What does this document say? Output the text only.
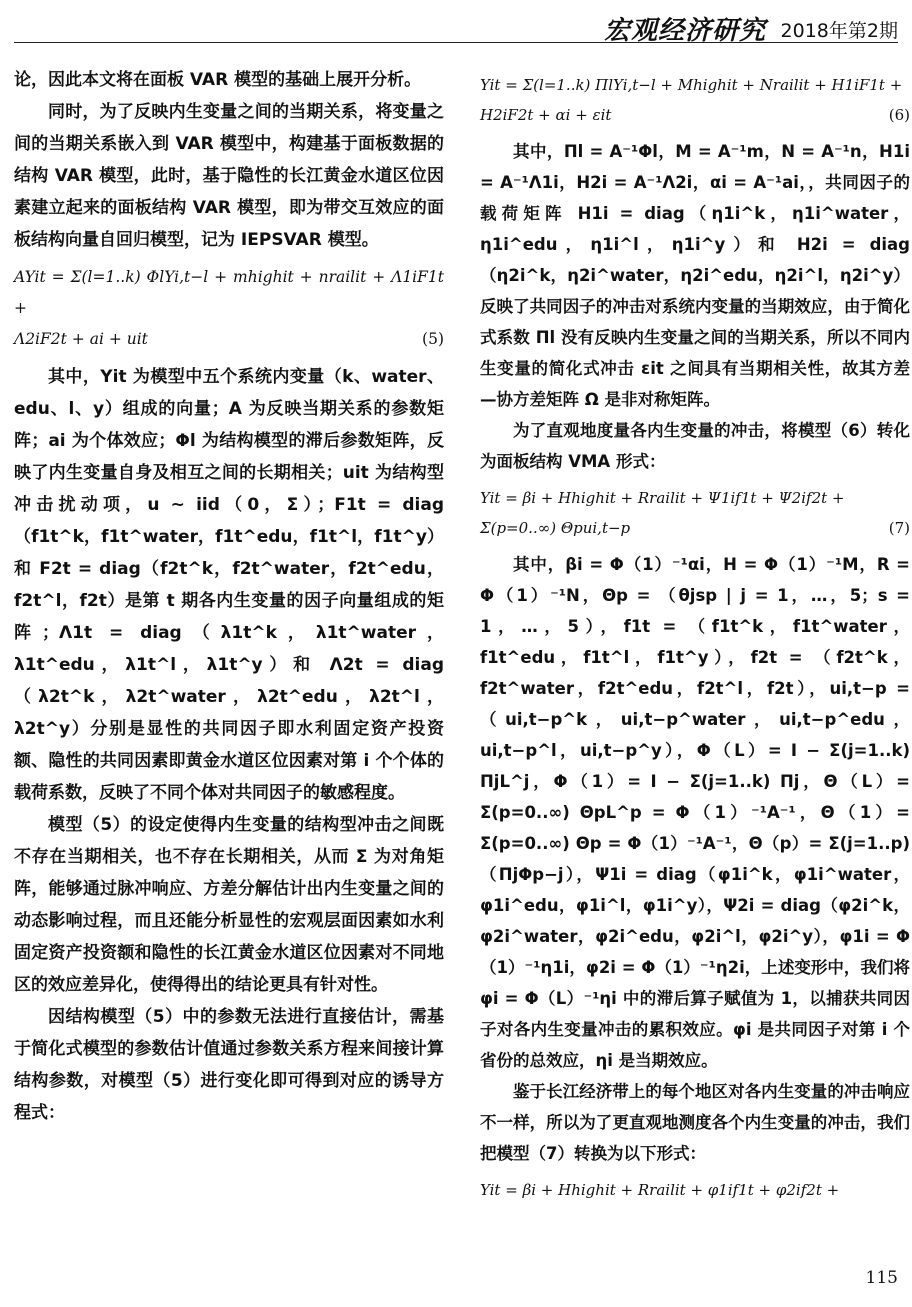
宏观经济研究 2018年第2期

论，因此本文将在面板 VAR 模型的基础上展开分析。

同时，为了反映内生变量之间的当期关系，将变量之间的当期关系嵌入到 VAR 模型中，构建基于面板数据的结构 VAR 模型，此时，基于隐性的长江黄金水道区位因素建立起来的面板结构 VAR 模型，即为带交互效应的面板结构向量自回归模型，记为 IEPSVAR 模型。

AYit = Σ(l=1..k) ΦlYi,t−l + mhighit + nrailit + Λ1iF1t +
Λ2iF2t + ai + uit	(5)

其中，Yit 为模型中五个系统内变量（k、water、edu、l、y）组成的向量；A 为反映当期关系的参数矩阵；ai 为个体效应；Φl 为结构模型的滞后参数矩阵，反映了内生变量自身及相互之间的长期相关；uit 为结构型冲击扰动项，u ~ iid（0，Σ）；F1t = diag（f1t^k，f1t^water，f1t^edu，f1t^l，f1t^y）和 F2t = diag（f2t^k，f2t^water，f2t^edu，f2t^l，f2t）是第 t 期各内生变量的因子向量组成的矩阵；Λ1t = diag（λ1t^k，λ1t^water，λ1t^edu，λ1t^l，λ1t^y）和 Λ2t = diag（λ2t^k，λ2t^water，λ2t^edu，λ2t^l，λ2t^y）分别是显性的共同因子即水利固定资产投资额、隐性的共同因素即黄金水道区位因素对第 i 个个体的载荷系数，反映了不同个体对共同因子的敏感程度。

模型（5）的设定使得内生变量的结构型冲击之间既不存在当期相关，也不存在长期相关，从而 Σ 为对角矩阵，能够通过脉冲响应、方差分解估计出内生变量之间的动态影响过程，而且还能分析显性的宏观层面因素如水利固定资产投资额和隐性的长江黄金水道区位因素对不同地区的效应差异化，使得得出的结论更具有针对性。

因结构模型（5）中的参数无法进行直接估计，需基于简化式模型的参数估计值通过参数关系方程来间接计算结构参数，对模型（5）进行变化即可得到对应的诱导方程式：

Yit = Σ(l=1..k) ΠlYi,t−l + Mhighit + Nrailit + H1iF1t +
H2iF2t + αi + εit	(6)

其中，Πl = A⁻¹Φl，M = A⁻¹m，N = A⁻¹n，H1i = A⁻¹Λ1i，H2i = A⁻¹Λ2i，αi = A⁻¹ai，，共同因子的载荷矩阵 H1i = diag（η1i^k，η1i^water，η1i^edu，η1i^l，η1i^y）和 H2i = diag（η2i^k，η2i^water，η2i^edu，η2i^l，η2i^y）反映了共同因子的冲击对系统内变量的当期效应，由于简化式系数 Πl 没有反映内生变量之间的当期关系，所以不同内生变量的简化式冲击 εit 之间具有当期相关性，故其方差—协方差矩阵 Ω 是非对称矩阵。

为了直观地度量各内生变量的冲击，将模型（6）转化为面板结构 VMA 形式：

Yit = βi + Hhighit + Rrailit + Ψ1if1t + Ψ2if2t +
Σ(p=0..∞) Θpui,t−p	(7)

其中，βi = Φ（1）⁻¹αi，H = Φ（1）⁻¹M，R = Φ（1）⁻¹N，Θp = （θjsp | j = 1，…，5；s = 1，…，5），f1t = （f1t^k，f1t^water，f1t^edu，f1t^l，f1t^y），f2t = （f2t^k，f2t^water，f2t^edu，f2t^l，f2t），ui,t−p = （ui,t−p^k，ui,t−p^water，ui,t−p^edu，ui,t−p^l，ui,t−p^y），Φ（L）= I − Σ(j=1..k) ΠjL^j，Φ（1）= I − Σ(j=1..k) Πj，Θ（L）= Σ(p=0..∞) ΘpL^p = Φ（1）⁻¹A⁻¹，Θ（1）= Σ(p=0..∞) Θp = Φ（1）⁻¹A⁻¹，Θ（p）= Σ(j=1..p)（ΠjΦp−j），Ψ1i = diag（φ1i^k，φ1i^water，φ1i^edu，φ1i^l，φ1i^y），Ψ2i = diag（φ2i^k，φ2i^water，φ2i^edu，φ2i^l，φ2i^y），φ1i = Φ（1）⁻¹η1i，φ2i = Φ（1）⁻¹η2i，上述变形中，我们将 φi = Φ（L）⁻¹ηi 中的滞后算子赋值为 1，以捕获共同因子对各内生变量冲击的累积效应。φi 是共同因子对第 i 个省份的总效应，ηi 是当期效应。

鉴于长江经济带上的每个地区对各内生变量的冲击响应不一样，所以为了更直观地测度各个内生变量的冲击，我们把模型（7）转换为以下形式：

Yit = βi + Hhighit + Rrailit + φ1if1t + φ2if2t +
115
